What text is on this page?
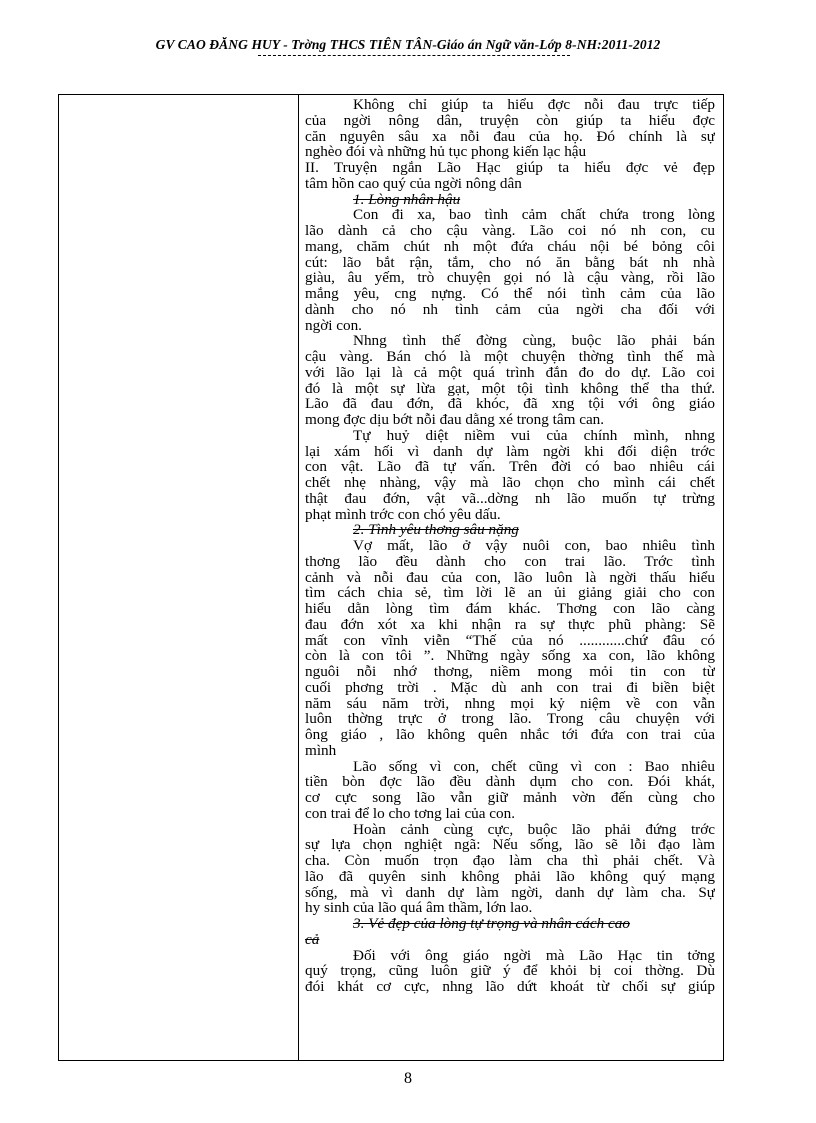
GV CAO ĐĂNG HUY - Trờng THCS TIÊN TÂN-Giáo án Ngữ văn-Lớp 8-NH:2011-2012
Không chỉ giúp ta hiểu đợc nỗi đau trực tiếp
của ngời nông dân, truyện còn giúp ta hiểu đợc
căn nguyên sâu xa nỗi đau của họ. Đó chính là sự
nghèo đói và những hủ tục phong kiến lạc hậu
II. Truyện ngắn Lão Hạc giúp ta hiểu đợc vẻ đẹp
tâm hồn cao quý của ngời nông dân
1. Lòng nhân hậu
Con đi xa, bao tình cảm chất chứa trong lòng
lão dành cả cho cậu vàng. Lão coi nó nh con, cu
mang, chăm chút nh một đứa cháu nội bé bỏng côi
cút: lão bắt rận, tắm, cho nó ăn bằng bát nh nhà
giàu, âu yếm, trò chuyện gọi nó là cậu vàng, rồi lão
mắng yêu, cng nựng. Có thể nói tình cảm của lão
dành cho nó nh tình cảm của ngời cha đối với
ngời con.
Nhng tình thế đờng cùng, buộc lão phải bán
cậu vàng. Bán chó là một chuyện thờng tình thế mà
với lão lại là cả một quá trình đắn đo do dự. Lão coi
đó là một sự lừa gạt, một tội tình không thể tha thứ.
Lão đã đau đớn, đã khóc, đã xng tội với ông giáo
mong đợc dịu bớt nỗi đau dằng xé trong tâm can.
Tự huỷ diệt niềm vui của chính mình, nhng
lại xám hối vì danh dự làm ngời khi đối diện trớc
con vật. Lão đã tự vấn. Trên đời có bao nhiêu cái
chết nhẹ nhàng, vậy mà lão chọn cho mình cái chết
thật đau đớn, vật vã...dờng nh lão muốn tự trừng
phạt mình trớc con chó yêu dấu.
2. Tình yêu thơng sâu nặng
Vợ mất, lão ở vậy nuôi con, bao nhiêu tình
thơng lão đều dành cho con trai lão. Trớc tình
cảnh và nỗi đau của con, lão luôn là ngời thấu hiểu
tìm cách chia sẻ, tìm lời lẽ an ủi giảng giải cho con
hiểu dằn lòng tìm đám khác. Thơng con lão càng
đau đớn xót xa khi nhận ra sự thực phũ phàng: Sẽ
mất con vĩnh viễn “Thế của nó ............chứ đâu có
còn là con tôi ”. Những ngày sống xa con, lão không
nguôi nỗi nhớ thơng, niềm mong mỏi tin con từ
cuối phơng trời . Mặc dù anh con trai đi biền biệt
năm sáu năm trời, nhng mọi kỷ niệm về con vẫn
luôn thờng trực ở trong lão. Trong câu chuyện với
ông giáo , lão không quên nhắc tới đứa con trai của
mình
Lão sống vì con, chết cũng vì con : Bao nhiêu
tiền bòn đợc lão đều dành dụm cho con. Đói khát,
cơ cực song lão vẫn giữ mảnh vờn đến cùng cho
con trai để lo cho tơng lai của con.
Hoàn cảnh cùng cực, buộc lão phải đứng trớc
sự lựa chọn nghiệt ngã: Nếu sống, lão sẽ lỗi đạo làm
cha. Còn muốn trọn đạo làm cha thì phải chết. Và
lão đã quyên sinh không phải lão không quý mạng
sống, mà vì danh dự làm ngời, danh dự làm cha. Sự
hy sinh của lão quá âm thầm, lớn lao.
3. Vẻ đẹp của lòng tự trọng và nhân cách cao
cả
Đối với ông giáo ngời mà Lão Hạc tin tởng
quý trọng, cũng luôn giữ ý để khỏi bị coi thờng. Dù
đói khát cơ cực, nhng lão dứt khoát từ chối sự giúp
8
